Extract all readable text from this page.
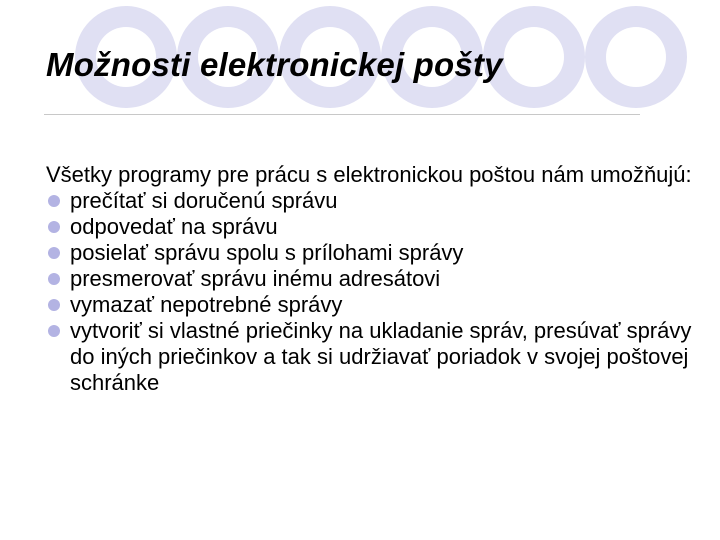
Možnosti elektronickej pošty

Všetky programy pre prácu s elektronickou poštou nám umožňujú:

prečítať si doručenú správu
odpovedať na správu
posielať správu spolu s prílohami správy
presmerovať správu inému adresátovi
vymazať nepotrebné správy
vytvoriť si vlastné priečinky na ukladanie správ, presúvať správy do iných priečinkov a tak si udržiavať poriadok v svojej poštovej schránke
